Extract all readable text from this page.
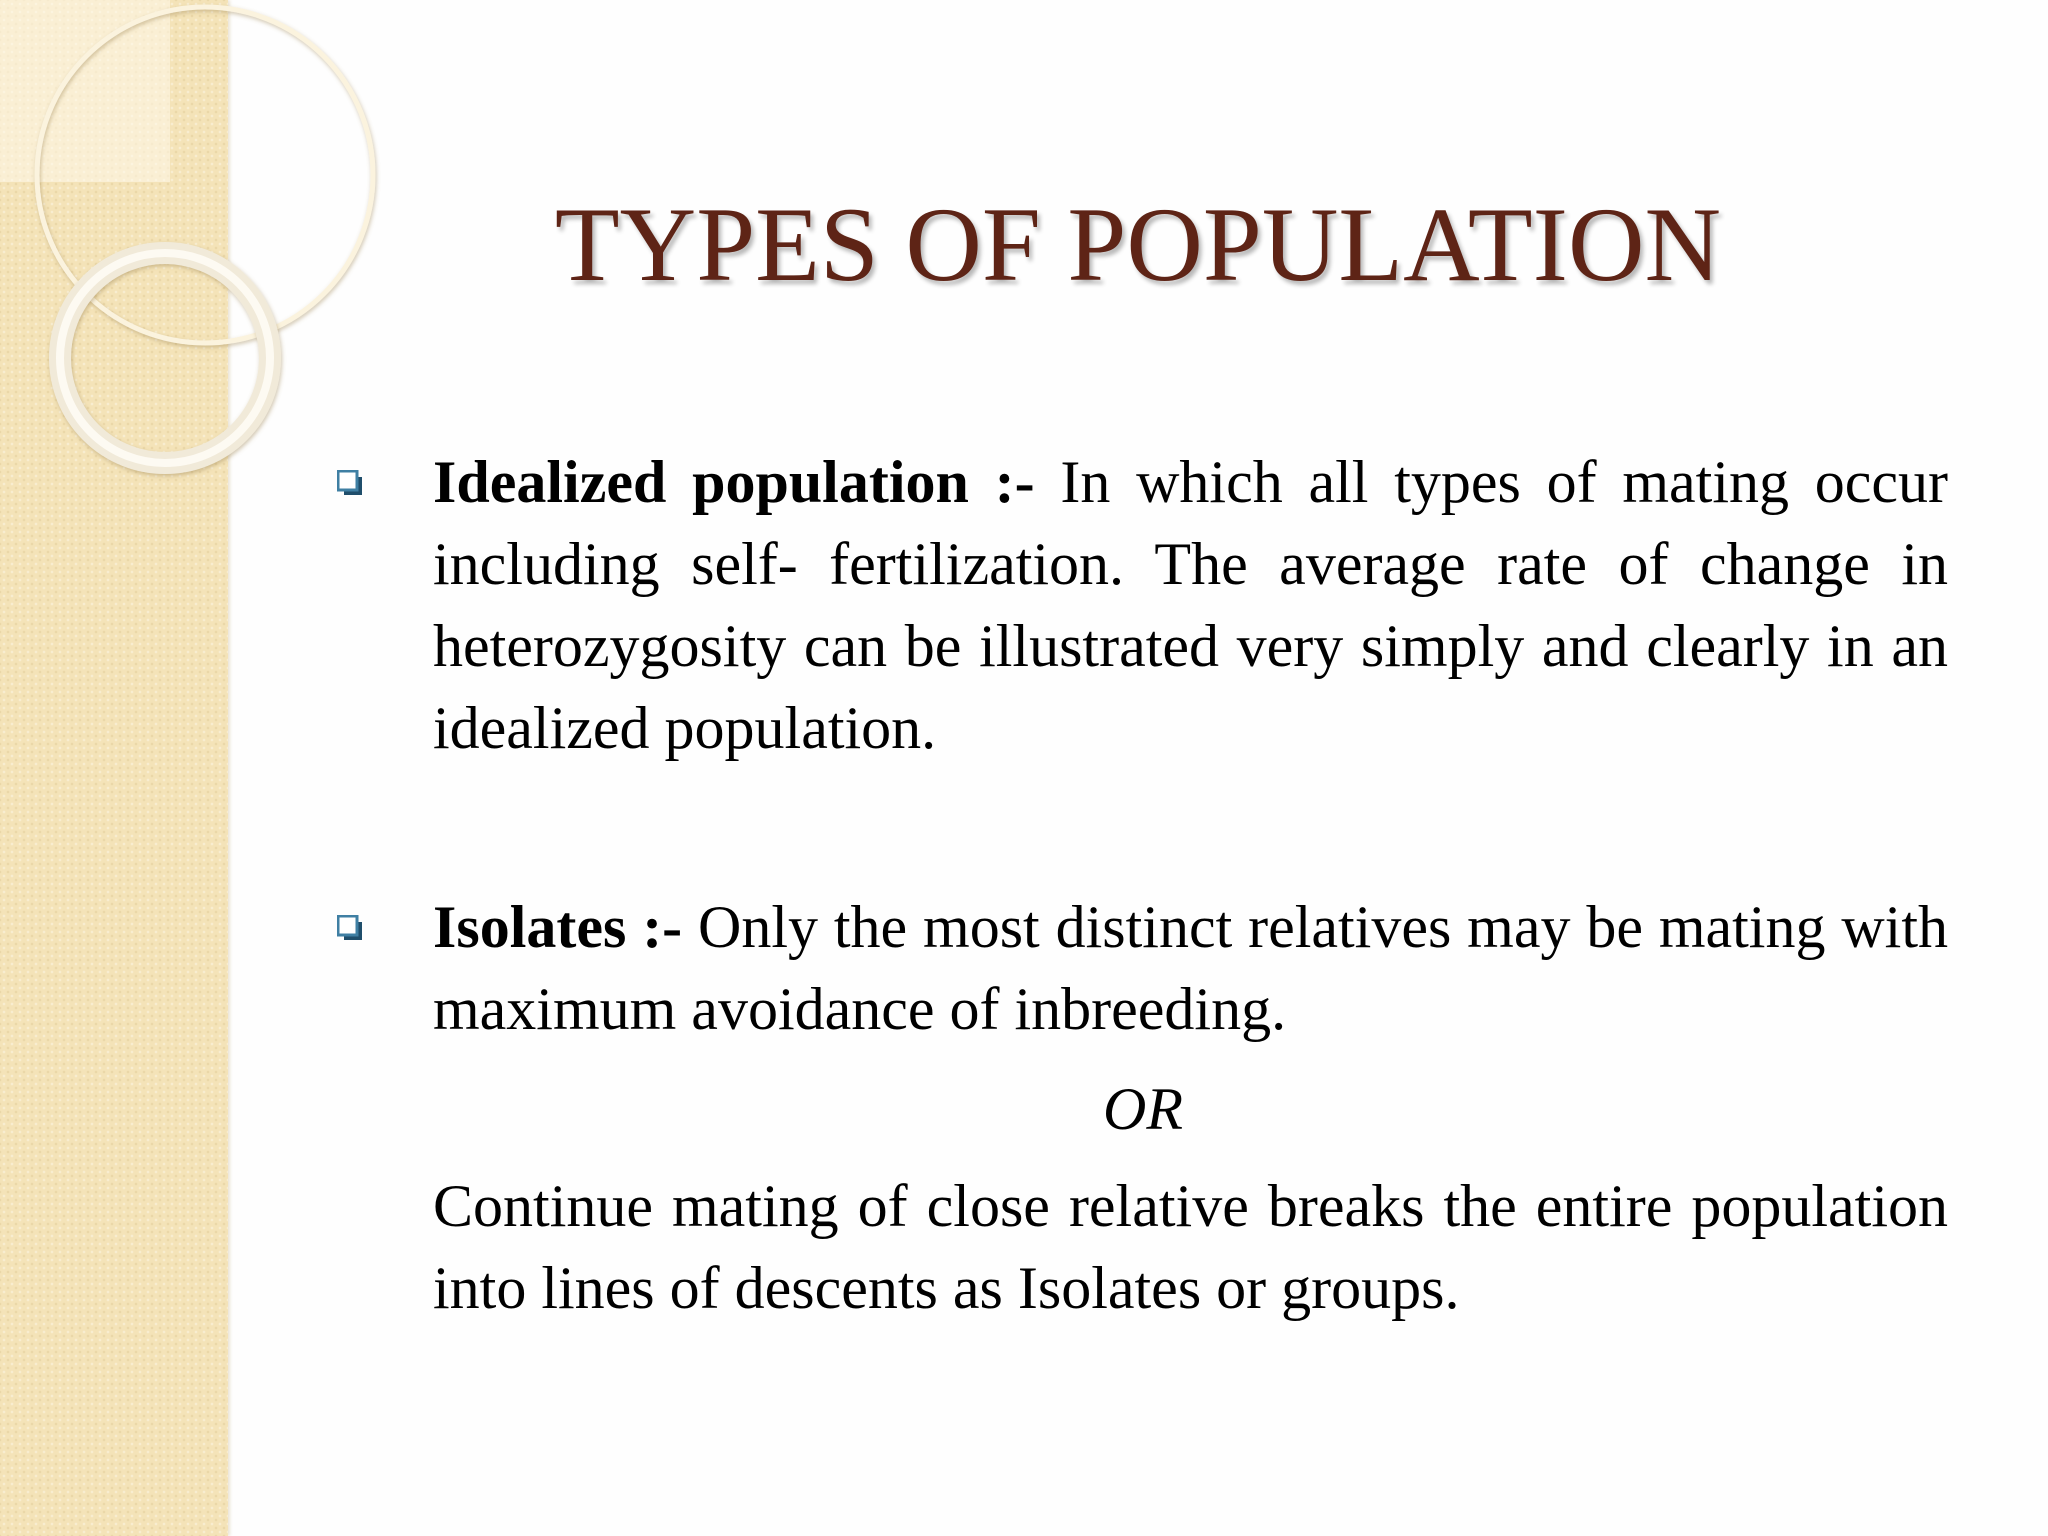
TYPES OF POPULATION

Idealized population :- In which all types of mating occur including self- fertilization. The average rate of change in heterozygosity can be illustrated very simply and clearly in an idealized population.

Isolates :- Only the most distinct relatives may be mating with maximum avoidance of inbreeding.

OR

Continue mating of close relative breaks the entire population into lines of descents as Isolates or groups.
